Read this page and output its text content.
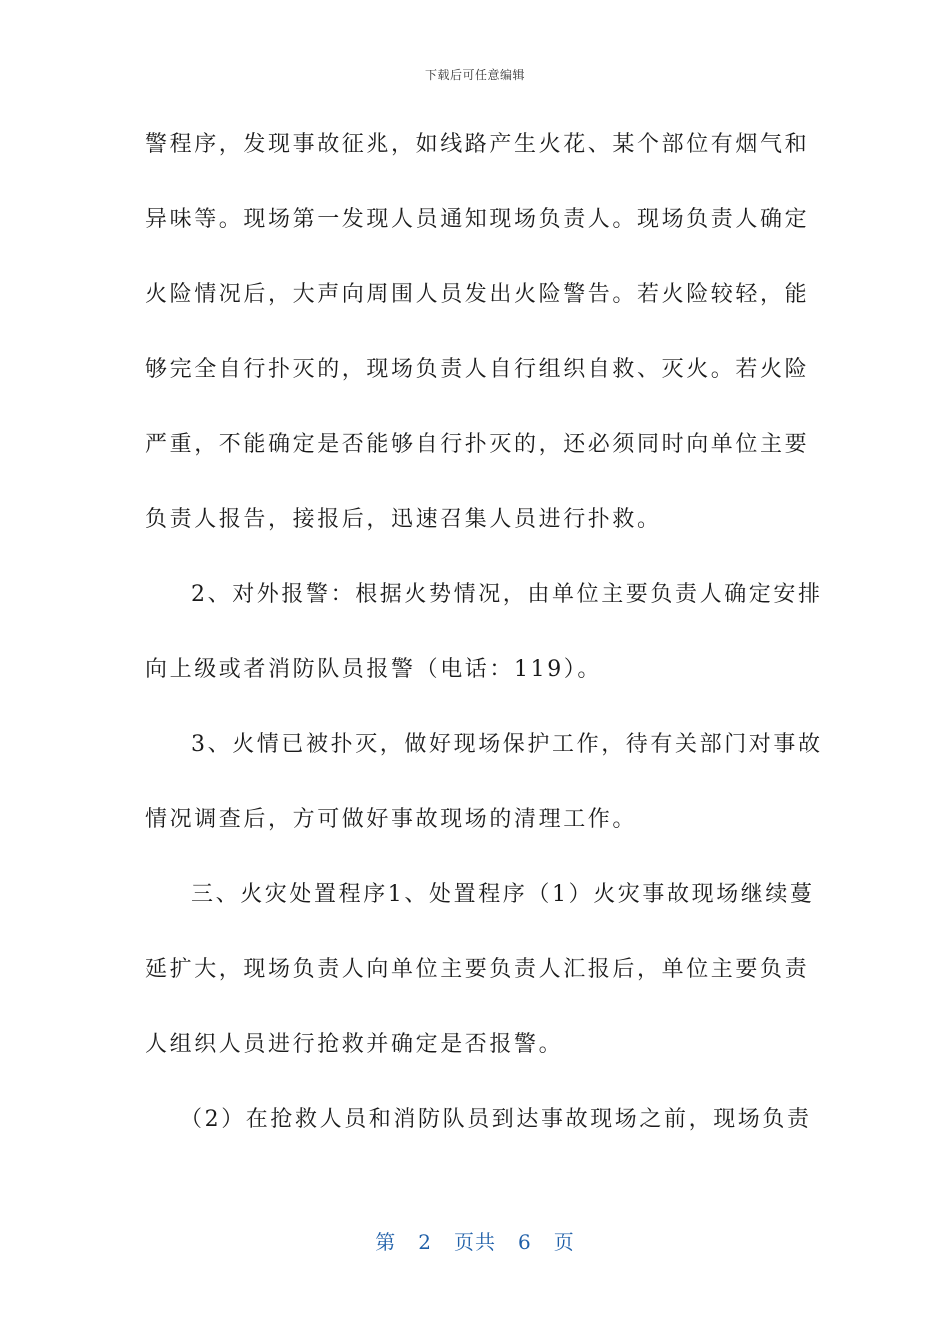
下载后可任意编辑
警程序，发现事故征兆，如线路产生火花、某个部位有烟气和
异味等。现场第一发现人员通知现场负责人。现场负责人确定
火险情况后，大声向周围人员发出火险警告。若火险较轻，能
够完全自行扑灭的，现场负责人自行组织自救、灭火。若火险
严重，不能确定是否能够自行扑灭的，还必须同时向单位主要
负责人报告，接报后，迅速召集人员进行扑救。
2、对外报警：根据火势情况，由单位主要负责人确定安排
向上级或者消防队员报警（电话：119）。
3、火情已被扑灭，做好现场保护工作，待有关部门对事故
情况调查后，方可做好事故现场的清理工作。
三、火灾处置程序1、处置程序（1）火灾事故现场继续蔓
延扩大，现场负责人向单位主要负责人汇报后，单位主要负责
人组织人员进行抢救并确定是否报警。
（2）在抢救人员和消防队员到达事故现场之前，现场负责
第 2 页共 6 页
